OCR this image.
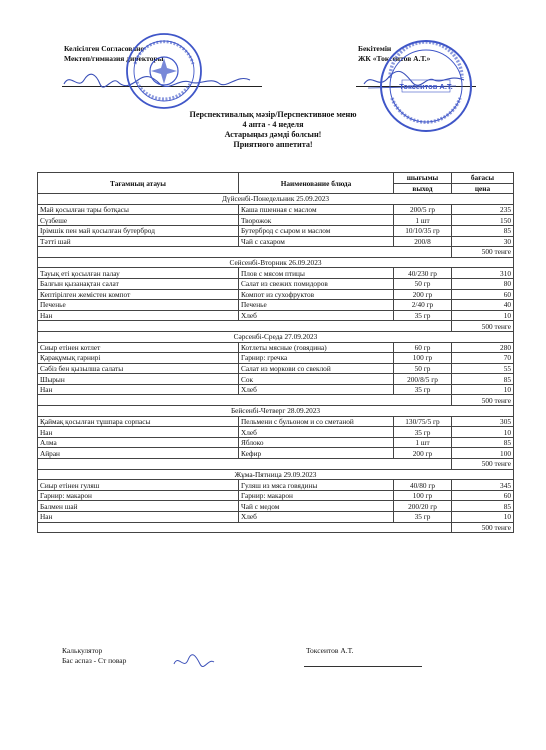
Келісілген Согласовано
Мектеп/гимназия директоры
Бекітемін
ЖК «Токсеитов А.Т.»
Токсеитов А.Т.
Перспективалық мәзір/Перспективное меню
4 апта - 4 неделя
Астарыңыз дәмді болсын!
Приятного аппетита!
Тағамның атауы	Наименование блюда	шығымы	бағасы
		выход	цена
Дүйсенбі-Понедельник 25.09.2023			
Май қосылған тары ботқасы	Каша пшенная с маслом	200/5 гр	235
Сүзбеше	Творожок	1 шт	150
Ірімшік пен май қосылған бутерброд	Бутерброд с сыром и маслом	10/10/35 гр	85
Тәтті шай	Чай с сахаром	200/8	30
			500 тенге
Сейсенбі-Вторник 26.09.2023			
Тауық еті қосылған палау	Плов с мясом птицы	40/230 гр	310
Балғын қызанақтан салат	Салат из свежих помидоров	50 гр	80
Кептірілген жемістен компот	Компот из сухофруктов	200 гр	60
Печенье	Печенье	2/40 гр	40
Нан	Хлеб	35 гр	10
			500 тенге
Сәрсенбі-Среда 27.09.2023			
Сиыр етінен котлет	Котлеты мясные (говядина)	60 гр	280
Қарақұмық гарнирі	Гарнир: гречка	100 гр	70
Сәбіз бен қызылша салаты	Салат из моркови со свеклой	50 гр	55
Шырын	Сок	200/8/5 гр	85
Нан	Хлеб	35 гр	10
			500 тенге
Бейсенбі-Четверг 28.09.2023			
Қаймақ қосылған тұшпара сорпасы	Пельмени с бульоном и со сметаной	130/75/5 гр	305
Нан	Хлеб	35 гр	10
Алма	Яблоко	1 шт	85
Айран	Кефир	200 гр	100
			500 тенге
Жұма-Пятница 29.09.2023			
Сиыр етінен гуляш	Гуляш из мяса говядины	40/80 гр	345
Гарнир: макарон	Гарнир: макарон	100 гр	60
Балмен шай	Чай с медом	200/20 гр	85
Нан	Хлеб	35 гр	10
			500 тенге
Калькулятор
Бас аспаз - Ст повар
Токсеитов А.Т.
